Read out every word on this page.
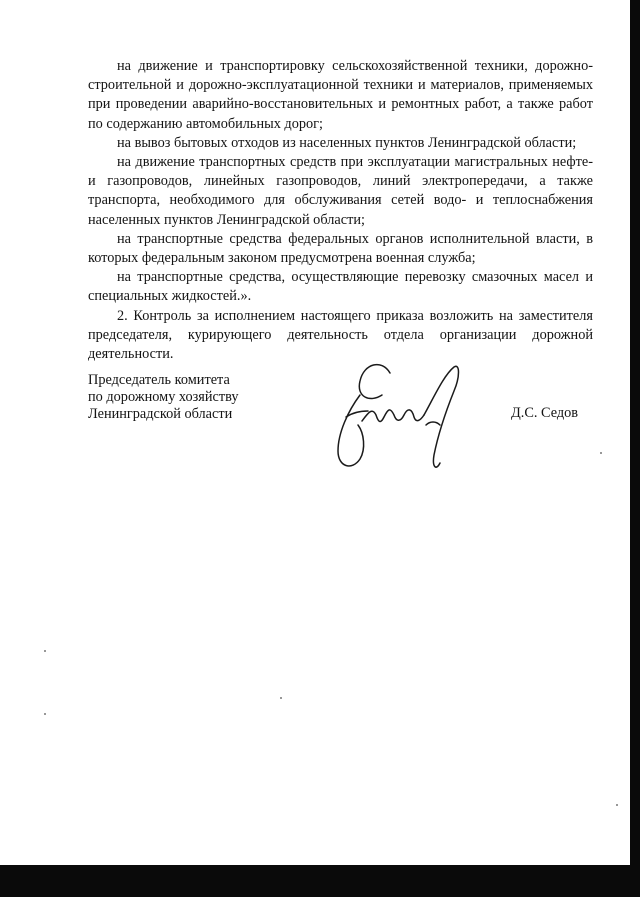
на движение и транспортировку сельскохозяйственной техники, дорожно-строительной и дорожно-эксплуатационной техники и материалов, применяемых при проведении аварийно-восстановительных и ремонтных работ, а также работ по содержанию автомобильных дорог;

на вывоз бытовых отходов из населенных пунктов Ленинградской области;

на движение транспортных средств при эксплуатации магистральных нефте- и газопроводов, линейных газопроводов, линий электропередачи, а также транспорта, необходимого для обслуживания сетей водо- и теплоснабжения населенных пунктов Ленинградской области;

на транспортные средства федеральных органов исполнительной власти, в которых федеральным законом предусмотрена военная служба;

на транспортные средства, осуществляющие перевозку смазочных масел и специальных жидкостей.».

2. Контроль за исполнением настоящего приказа возложить на заместителя председателя, курирующего деятельность отдела организации дорожной деятельности.

Председатель комитета
по дорожному хозяйству
Ленинградской области	Д.С. Седов
